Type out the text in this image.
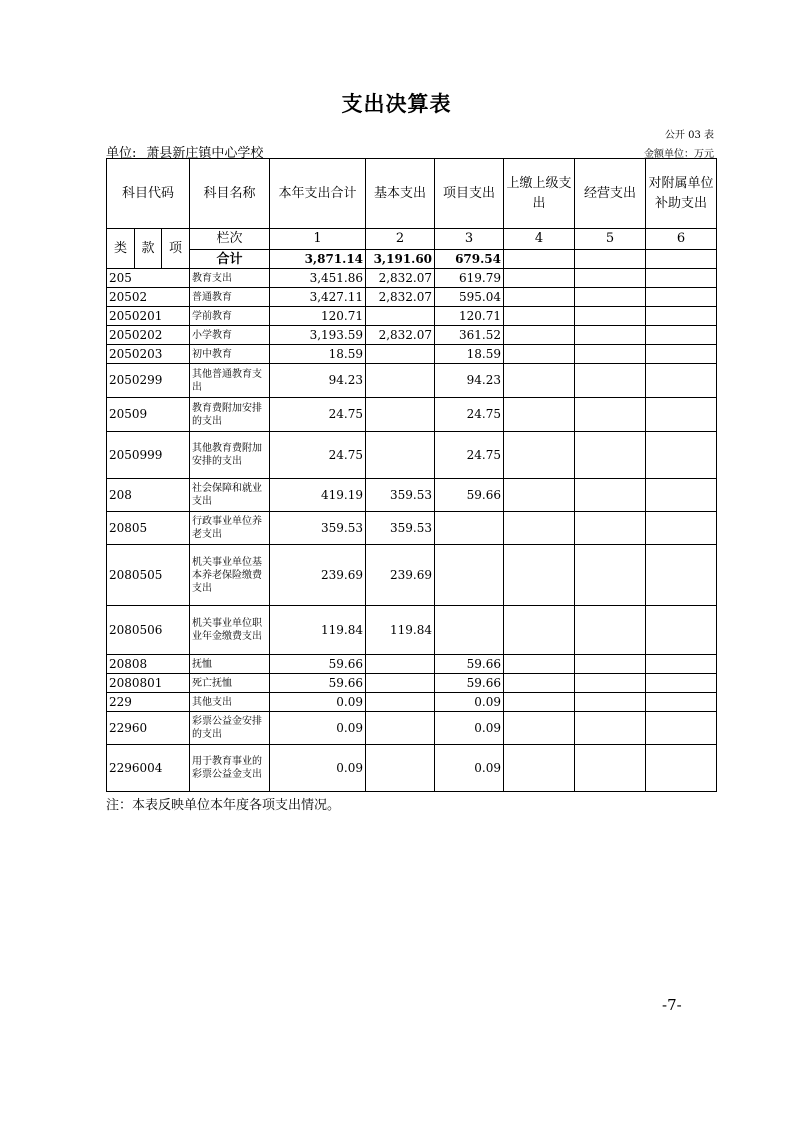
支出决算表
公开 03 表
单位: 萧县新庄镇中心学校	金额单位：万元
科目代码			科目名称	本年支出合计	基本支出	项目支出	上缴上级支出	经营支出	对附属单位补助支出
类	款	项	栏次	1	2	3	4	5	6
			合计	3,871.14	3,191.60	679.54			
205			教育支出	3,451.86	2,832.07	619.79			
20502			普通教育	3,427.11	2,832.07	595.04			
2050201			学前教育	120.71		120.71			
2050202			小学教育	3,193.59	2,832.07	361.52			
2050203			初中教育	18.59		18.59			
2050299			其他普通教育支出	94.23		94.23			
20509			教育费附加安排的支出	24.75		24.75			
2050999			其他教育费附加安排的支出	24.75		24.75			
208			社会保障和就业支出	419.19	359.53	59.66			
20805			行政事业单位养老支出	359.53	359.53				
2080505			机关事业单位基本养老保险缴费支出	239.69	239.69				
2080506			机关事业单位职业年金缴费支出	119.84	119.84				
20808			抚恤	59.66		59.66			
2080801			死亡抚恤	59.66		59.66			
229			其他支出	0.09		0.09			
22960			彩票公益金安排的支出	0.09		0.09			
2296004			用于教育事业的彩票公益金支出	0.09		0.09			
注：本表反映单位本年度各项支出情况。
-7-
